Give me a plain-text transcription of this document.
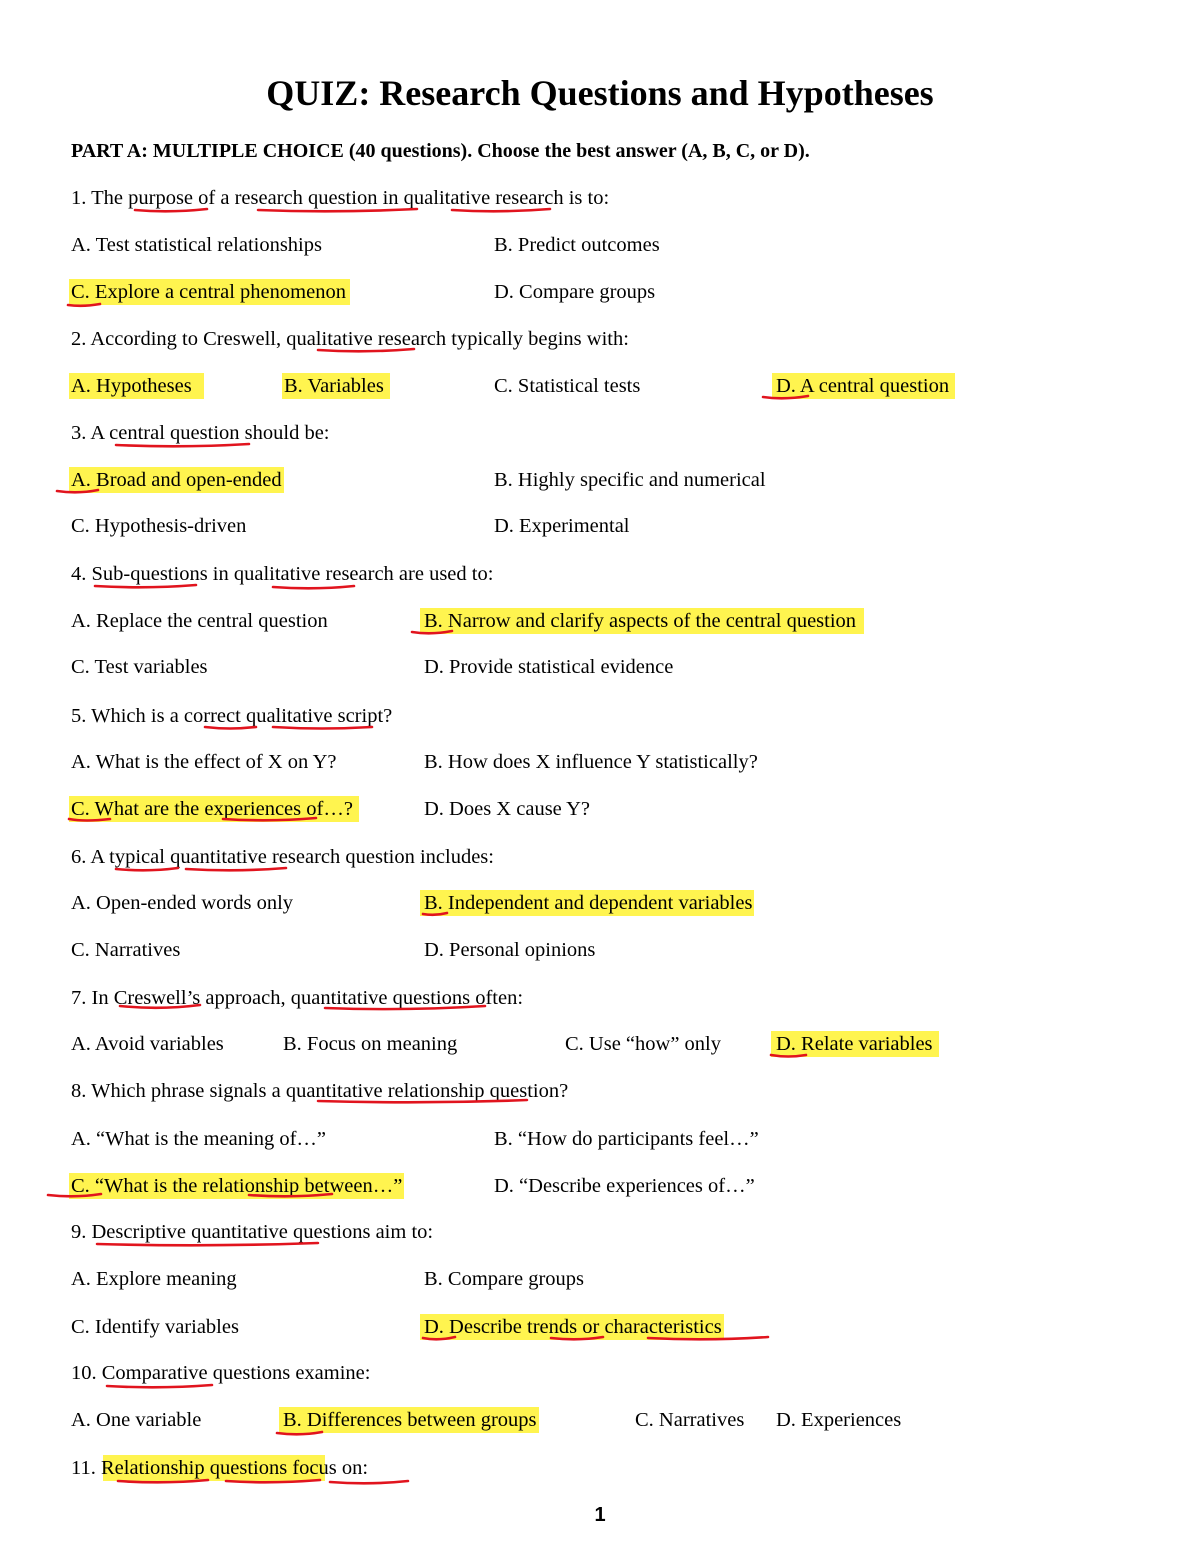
QUIZ: Research Questions and Hypotheses
PART A: MULTIPLE CHOICE (40 questions). Choose the best answer (A, B, C, or D).
1. The purpose of a research question in qualitative research is to:
A. Test statistical relationships	B. Predict outcomes
C. Explore a central phenomenon	D. Compare groups
2. According to Creswell, qualitative research typically begins with:
A. Hypotheses	B. Variables	C. Statistical tests	D. A central question
3. A central question should be:
A. Broad and open-ended	B. Highly specific and numerical
C. Hypothesis-driven	D. Experimental
4. Sub-questions in qualitative research are used to:
A. Replace the central question	B. Narrow and clarify aspects of the central question
C. Test variables	D. Provide statistical evidence
5. Which is a correct qualitative script?
A. What is the effect of X on Y?	B. How does X influence Y statistically?
C. What are the experiences of…?	D. Does X cause Y?
6. A typical quantitative research question includes:
A. Open-ended words only	B. Independent and dependent variables
C. Narratives	D. Personal opinions
7. In Creswell’s approach, quantitative questions often:
A. Avoid variables	B. Focus on meaning	C. Use “how” only	D. Relate variables
8. Which phrase signals a quantitative relationship question?
A. “What is the meaning of…”	B. “How do participants feel…”
C. “What is the relationship between…”	D. “Describe experiences of…”
9. Descriptive quantitative questions aim to:
A. Explore meaning	B. Compare groups
C. Identify variables	D. Describe trends or characteristics
10. Comparative questions examine:
A. One variable	B. Differences between groups	C. Narratives D. Experiences
11. Relationship questions focus on:
1
